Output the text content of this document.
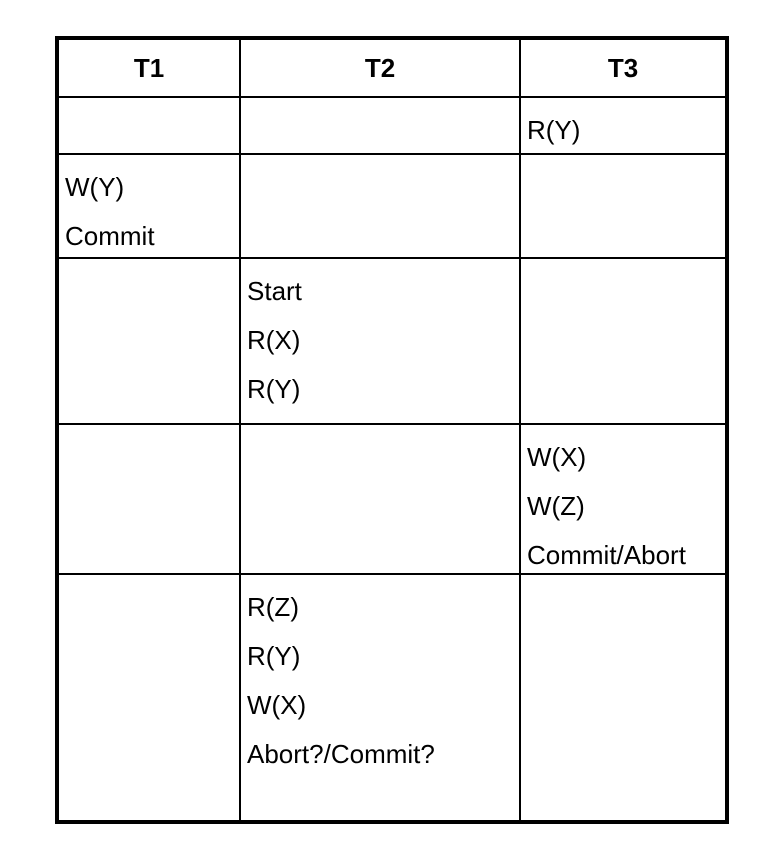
T1	T2	T3
R(Y)
W(Y)
Commit
Start
R(X)
R(Y)
W(X)
W(Z)
Commit/Abort
R(Z)
R(Y)
W(X)
Abort?/Commit?
